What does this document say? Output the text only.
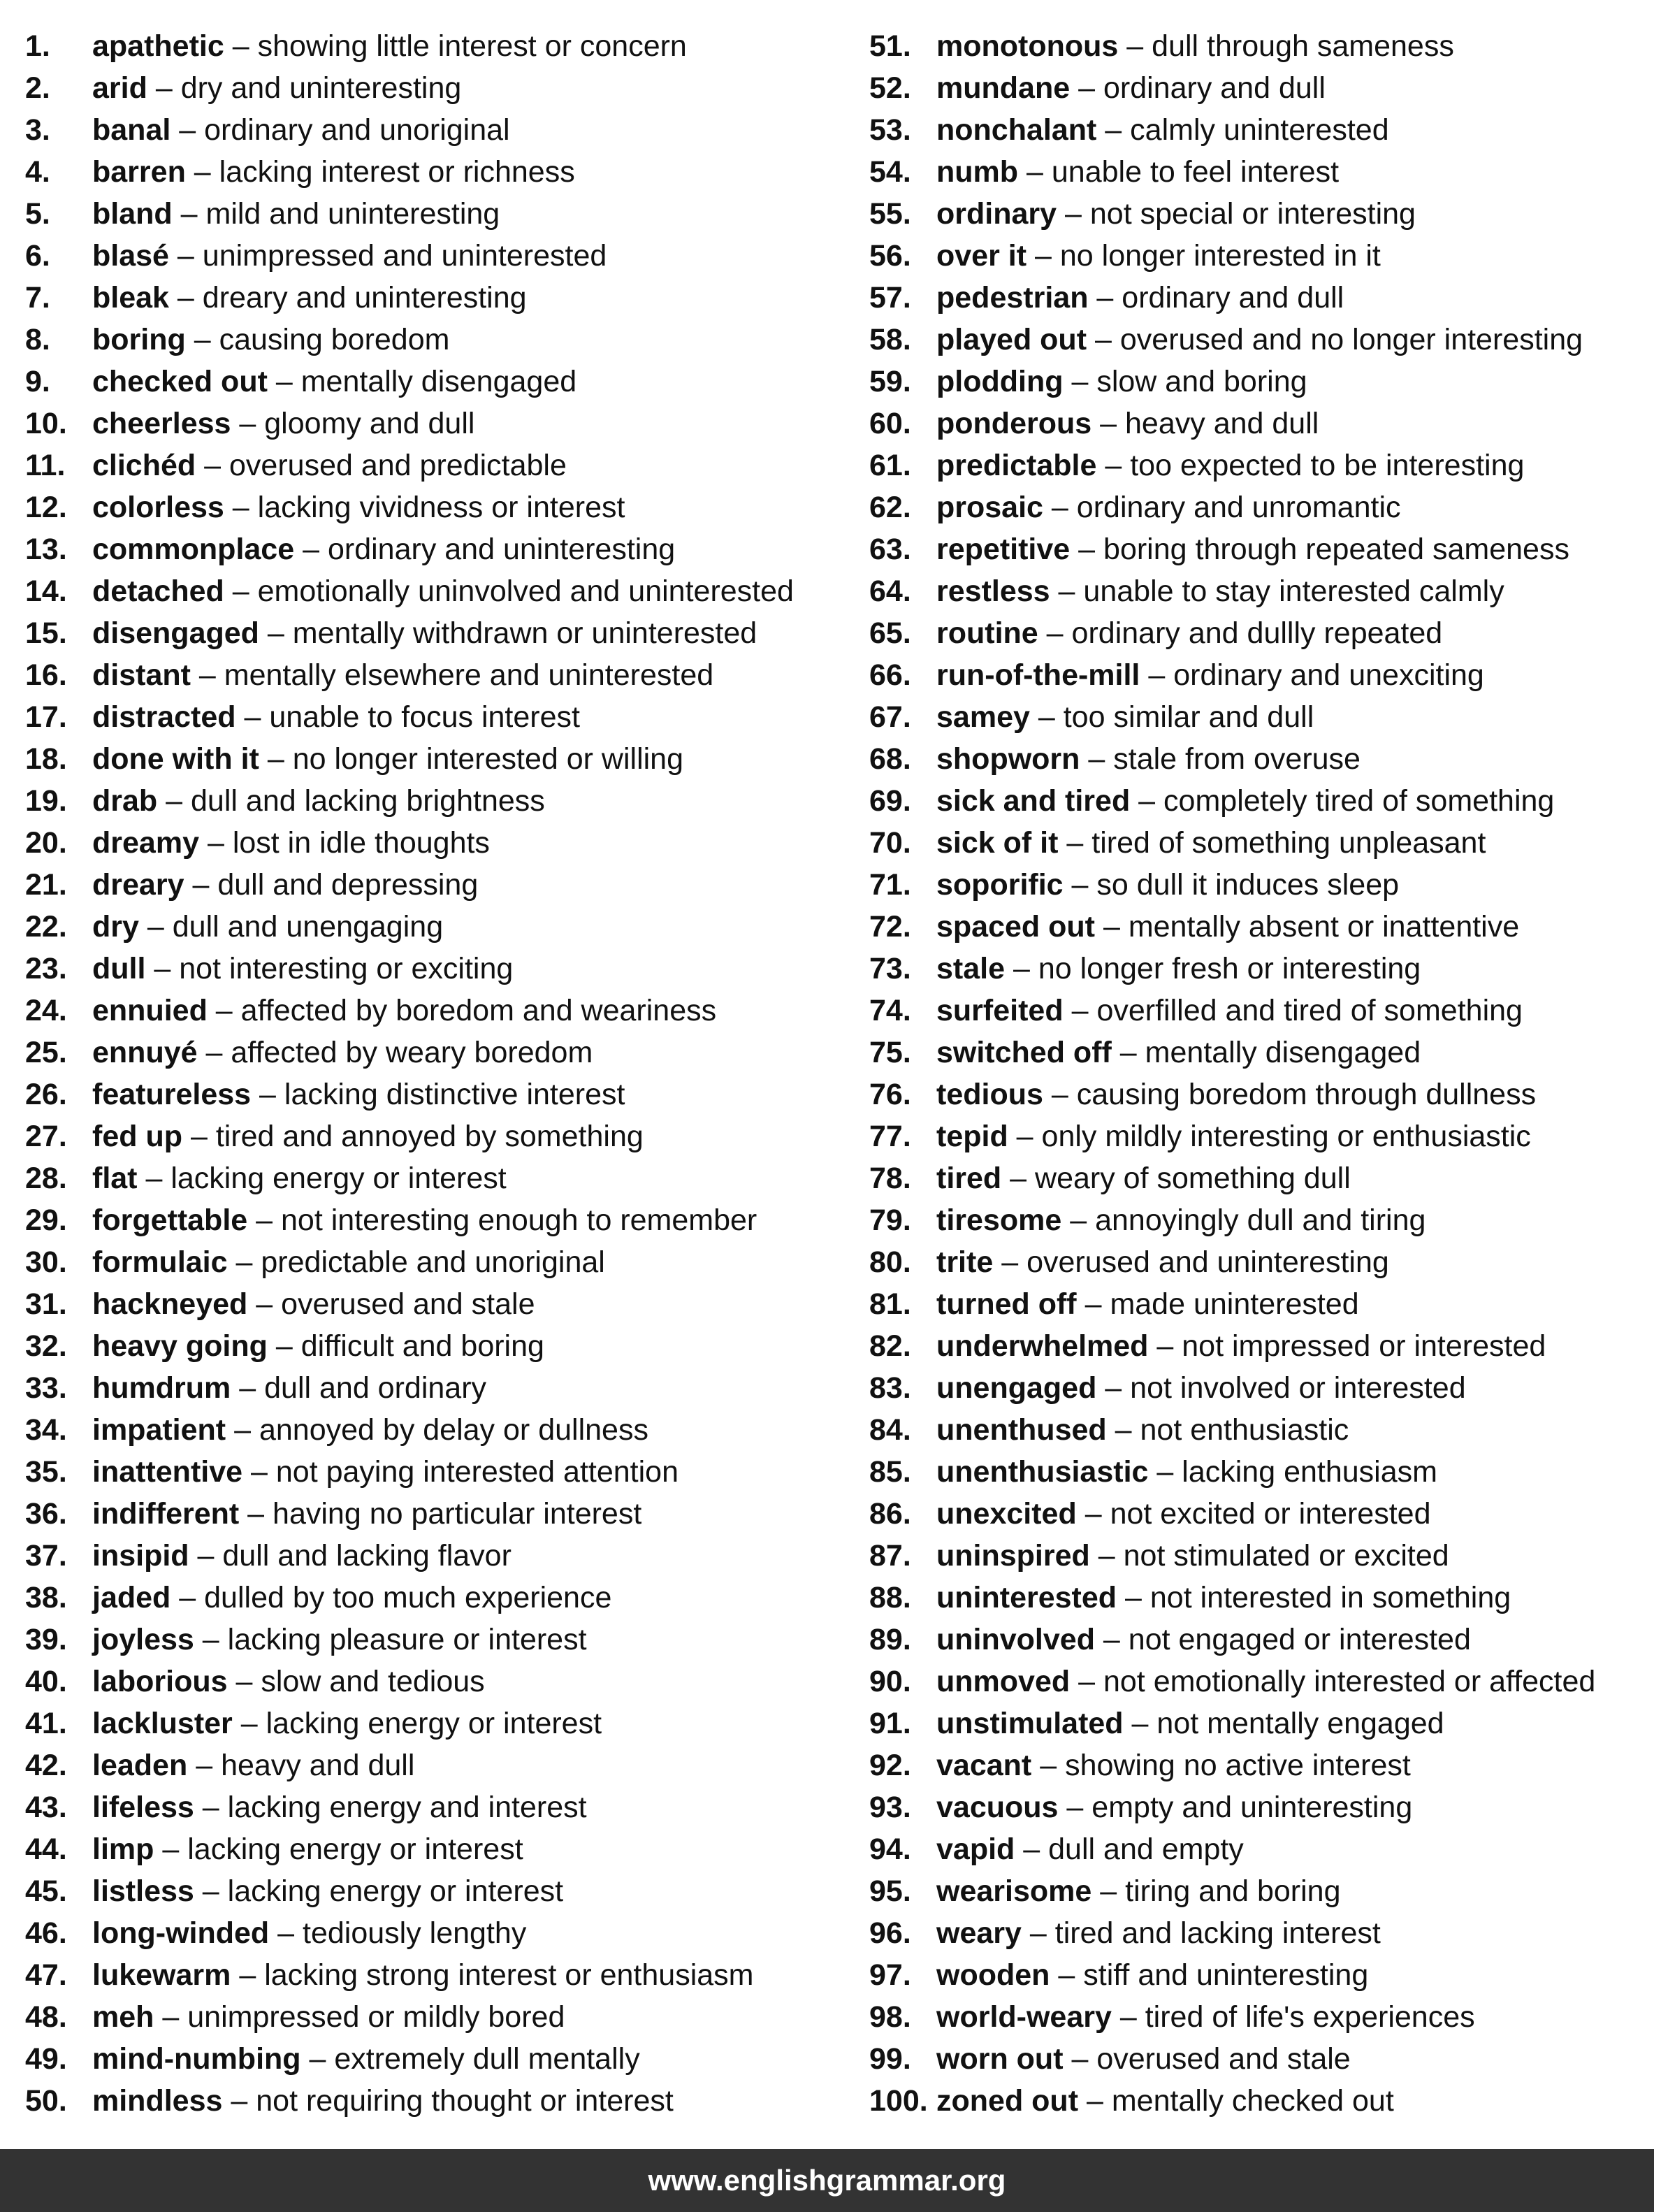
1. apathetic – showing little interest or concern
2. arid – dry and uninteresting
3. banal – ordinary and unoriginal
4. barren – lacking interest or richness
5. bland – mild and uninteresting
6. blasé – unimpressed and uninterested
7. bleak – dreary and uninteresting
8. boring – causing boredom
9. checked out – mentally disengaged
10. cheerless – gloomy and dull
11. clichéd – overused and predictable
12. colorless – lacking vividness or interest
13. commonplace – ordinary and uninteresting
14. detached – emotionally uninvolved and uninterested
15. disengaged – mentally withdrawn or uninterested
16. distant – mentally elsewhere and uninterested
17. distracted – unable to focus interest
18. done with it – no longer interested or willing
19. drab – dull and lacking brightness
20. dreamy – lost in idle thoughts
21. dreary – dull and depressing
22. dry – dull and unengaging
23. dull – not interesting or exciting
24. ennuied – affected by boredom and weariness
25. ennuyé – affected by weary boredom
26. featureless – lacking distinctive interest
27. fed up – tired and annoyed by something
28. flat – lacking energy or interest
29. forgettable – not interesting enough to remember
30. formulaic – predictable and unoriginal
31. hackneyed – overused and stale
32. heavy going – difficult and boring
33. humdrum – dull and ordinary
34. impatient – annoyed by delay or dullness
35. inattentive – not paying interested attention
36. indifferent – having no particular interest
37. insipid – dull and lacking flavor
38. jaded – dulled by too much experience
39. joyless – lacking pleasure or interest
40. laborious – slow and tedious
41. lackluster – lacking energy or interest
42. leaden – heavy and dull
43. lifeless – lacking energy and interest
44. limp – lacking energy or interest
45. listless – lacking energy or interest
46. long-winded – tediously lengthy
47. lukewarm – lacking strong interest or enthusiasm
48. meh – unimpressed or mildly bored
49. mind-numbing – extremely dull mentally
50. mindless – not requiring thought or interest
51. monotonous – dull through sameness
52. mundane – ordinary and dull
53. nonchalant – calmly uninterested
54. numb – unable to feel interest
55. ordinary – not special or interesting
56. over it – no longer interested in it
57. pedestrian – ordinary and dull
58. played out – overused and no longer interesting
59. plodding – slow and boring
60. ponderous – heavy and dull
61. predictable – too expected to be interesting
62. prosaic – ordinary and unromantic
63. repetitive – boring through repeated sameness
64. restless – unable to stay interested calmly
65. routine – ordinary and dullly repeated
66. run-of-the-mill – ordinary and unexciting
67. samey – too similar and dull
68. shopworn – stale from overuse
69. sick and tired – completely tired of something
70. sick of it – tired of something unpleasant
71. soporific – so dull it induces sleep
72. spaced out – mentally absent or inattentive
73. stale – no longer fresh or interesting
74. surfeited – overfilled and tired of something
75. switched off – mentally disengaged
76. tedious – causing boredom through dullness
77. tepid – only mildly interesting or enthusiastic
78. tired – weary of something dull
79. tiresome – annoyingly dull and tiring
80. trite – overused and uninteresting
81. turned off – made uninterested
82. underwhelmed – not impressed or interested
83. unengaged – not involved or interested
84. unenthused – not enthusiastic
85. unenthusiastic – lacking enthusiasm
86. unexcited – not excited or interested
87. uninspired – not stimulated or excited
88. uninterested – not interested in something
89. uninvolved – not engaged or interested
90. unmoved – not emotionally interested or affected
91. unstimulated – not mentally engaged
92. vacant – showing no active interest
93. vacuous – empty and uninteresting
94. vapid – dull and empty
95. wearisome – tiring and boring
96. weary – tired and lacking interest
97. wooden – stiff and uninteresting
98. world-weary – tired of life's experiences
99. worn out – overused and stale
100. zoned out – mentally checked out
www.englishgrammar.org
